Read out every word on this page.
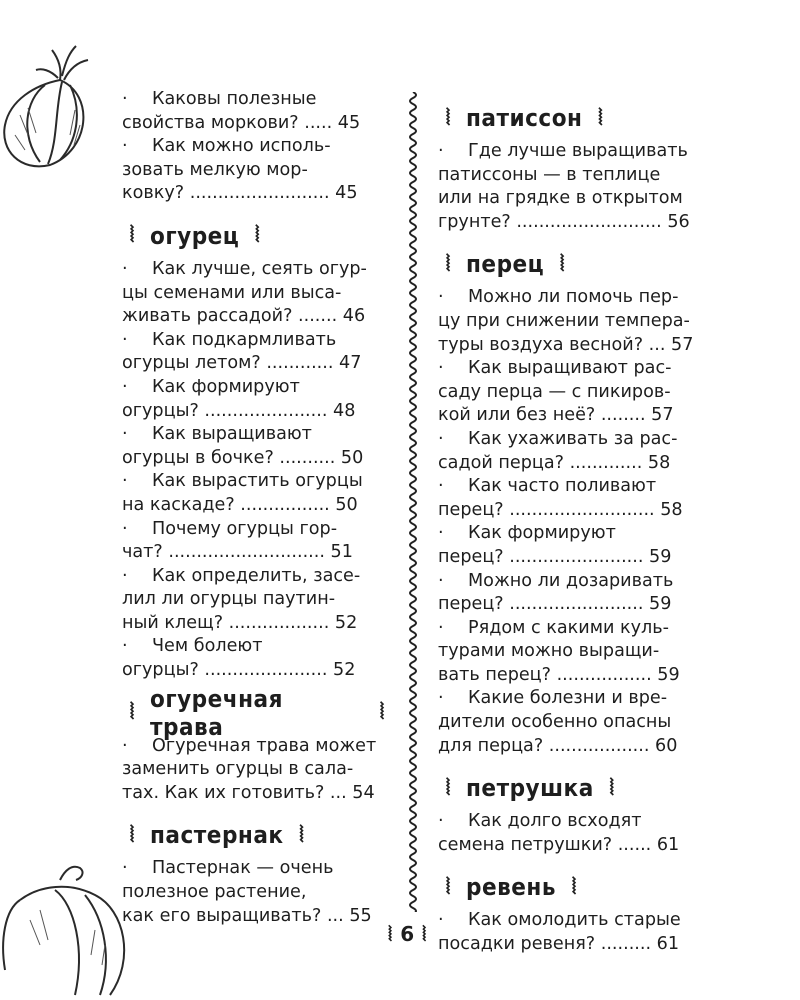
· Каковы полезные
свойства моркови? ..... 45
· Как можно исполь-
зовать мелкую мор-
ковку? ......................... 45
⦚ огурец ⦚
· Как лучше, сеять огур-
цы семенами или выса-
живать рассадой? ....... 46
· Как подкармливать
огурцы летом? ............ 47
· Как формируют
огурцы? ...................... 48
· Как выращивают
огурцы в бочке? .......... 50
· Как вырастить огурцы
на каскаде? ................ 50
· Почему огурцы гор-
чат? ............................ 51
· Как определить, засе-
лил ли огурцы паутин-
ный клещ? .................. 52
· Чем болеют
огурцы? ...................... 52
⦚ огуречная трава	⦚
· Огуречная трава может
заменить огурцы в сала-
тах. Как их готовить? ... 54
⦚ пастернак ⦚
· Пастернак — очень
полезное растение,
как его выращивать? ... 55
⦚ патиссон ⦚
· Где лучше выращивать
патиссоны — в теплице
или на грядке в открытом
грунте? .......................... 56
⦚ перец ⦚
· Можно ли помочь пер-
цу при снижении темпера-
туры воздуха весной? ... 57
· Как выращивают рас-
саду перца — с пикиров-
кой или без неё? ........ 57
· Как ухаживать за рас-
садой перца? ............. 58
· Как часто поливают
перец? .......................... 58
· Как формируют
перец? ........................ 59
· Можно ли дозаривать
перец? ........................ 59
· Рядом с какими куль-
турами можно выращи-
вать перец? ................. 59
· Какие болезни и вре-
дители особенно опасны
для перца? .................. 60
⦚ петрушка ⦚
· Как долго всходят
семена петрушки? ...... 61
⦚ ревень ⦚
· Как омолодить старые
посадки ревеня? ......... 61
⦚ 6 ⦚
